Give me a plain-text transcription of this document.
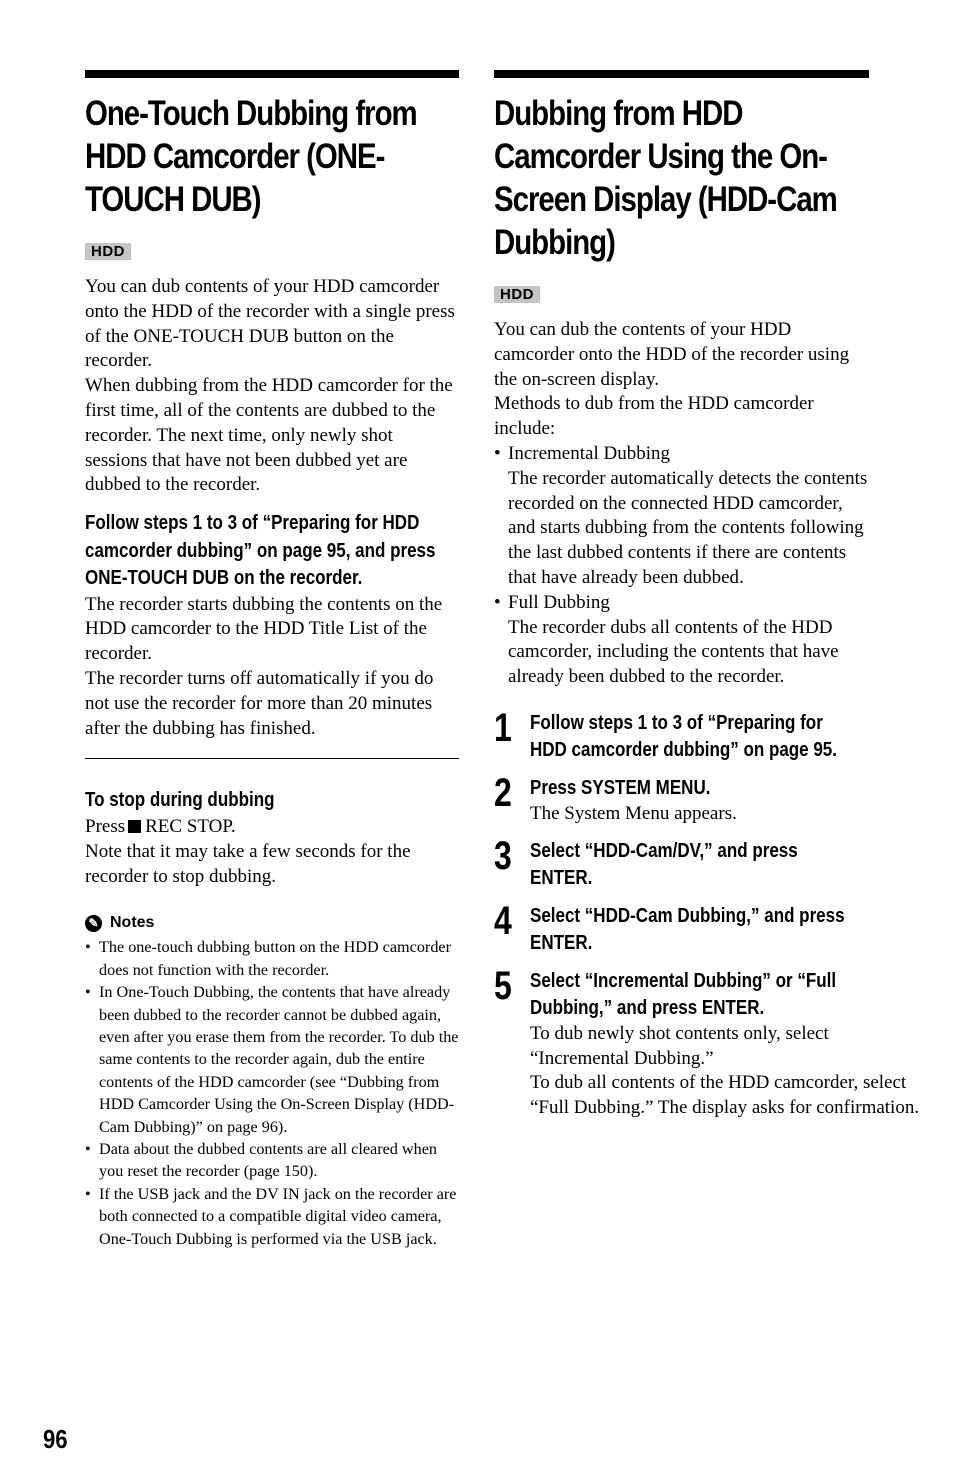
One-Touch Dubbing from HDD Camcorder (ONE-TOUCH DUB)
HDD

You can dub contents of your HDD camcorder onto the HDD of the recorder with a single press of the ONE-TOUCH DUB button on the recorder.

When dubbing from the HDD camcorder for the first time, all of the contents are dubbed to the recorder. The next time, only newly shot sessions that have not been dubbed yet are dubbed to the recorder.

Follow steps 1 to 3 of “Preparing for HDD camcorder dubbing” on page 95, and press ONE-TOUCH DUB on the recorder.

The recorder starts dubbing the contents on the HDD camcorder to the HDD Title List of the recorder.

The recorder turns off automatically if you do not use the recorder for more than 20 minutes after the dubbing has finished.

To stop during dubbing

Press REC STOP.

Note that it may take a few seconds for the recorder to stop dubbing.

✎ Notes
• The one-touch dubbing button on the HDD camcorder does not function with the recorder.
• In One-Touch Dubbing, the contents that have already been dubbed to the recorder cannot be dubbed again, even after you erase them from the recorder. To dub the same contents to the recorder again, dub the entire contents of the HDD camcorder (see “Dubbing from HDD Camcorder Using the On-Screen Display (HDD-Cam Dubbing)” on page 96).
• Data about the dubbed contents are all cleared when you reset the recorder (page 150).
• If the USB jack and the DV IN jack on the recorder are both connected to a compatible digital video camera, One-Touch Dubbing is performed via the USB jack.
Dubbing from HDD Camcorder Using the On-Screen Display (HDD-Cam Dubbing)
HDD

You can dub the contents of your HDD camcorder onto the HDD of the recorder using the on-screen display.

Methods to dub from the HDD camcorder include:

• Incremental Dubbing
The recorder automatically detects the contents recorded on the connected HDD camcorder, and starts dubbing from the contents following the last dubbed contents if there are contents that have already been dubbed.
• Full Dubbing
The recorder dubs all contents of the HDD camcorder, including the contents that have already been dubbed to the recorder.
1 Follow steps 1 to 3 of “Preparing for HDD camcorder dubbing” on page 95.
2 Press SYSTEM MENU.
The System Menu appears.
3 Select “HDD-Cam/DV,” and press ENTER.
4 Select “HDD-Cam Dubbing,” and press ENTER.
5 Select “Incremental Dubbing” or “Full Dubbing,” and press ENTER.
To dub newly shot contents only, select “Incremental Dubbing.”
To dub all contents of the HDD camcorder, select “Full Dubbing.” The display asks for confirmation.
96
